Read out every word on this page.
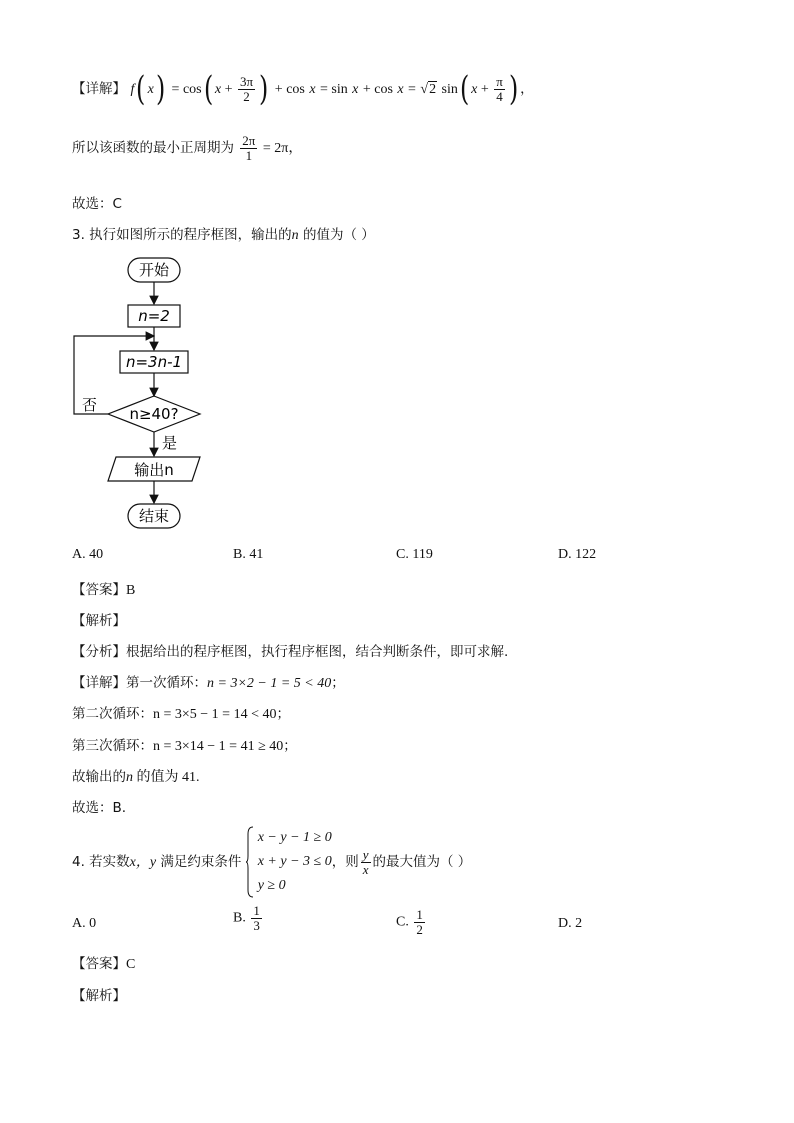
【详解】 f( x) = cos( $x + \frac{3\pi}{2}$ ) + cos x = sin x + cos x = √2 sin( $x + \frac{\pi}{4}$ ) ，
所以该函数的最小正周期为 $\frac{2\pi}{1} = 2\pi$，
故选：C
3. 执行如图所示的程序框图，输出的n 的值为（ ）
开始
n=2
n=3n-1
n≥40?
否
是
输出n
结束
A. 40	B. 41	C. 119	D. 122
【答案】B
【解析】
【分析】根据给出的程序框图，执行程序框图，结合判断条件，即可求解.
【详解】第一次循环：n = 3×2 − 1 = 5 < 40；
第二次循环：n = 3×5 − 1 = 14 < 40；
第三次循环：n = 3×14 − 1 = 41 ≥ 40；
故输出的n 的值为 41.
故选：B.
4. 若实数x，y 满足约束条件
x − y − 1 ≥ 0
x + y − 3 ≤ 0
y ≥ 0
，则 $\frac{y}{x}$ 的最大值为（ ）
A. 0	B. $\frac{1}{3}$	C. $\frac{1}{2}$	D. 2
【答案】C
【解析】
